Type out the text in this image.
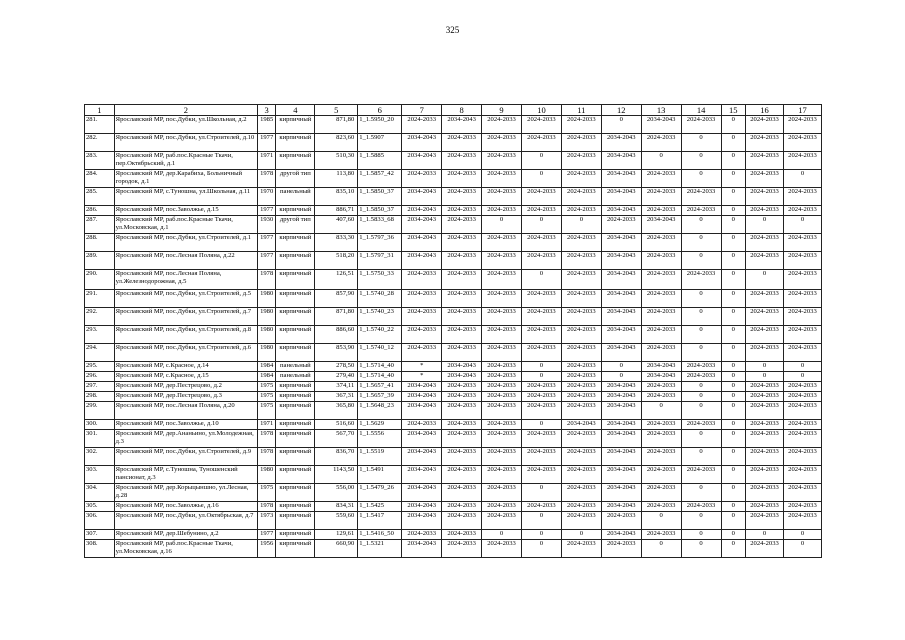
325
1	2	3	4	5	6	7	8	9	10	11	12	13	14	15	16	17
281.	Ярославский МР, пос.Дубки, ул.Школьная, д.2	1985	кирпичный	871,80	1_1.5950_20	2024-2033	2034-2043	2024-2033	2024-2033	2024-2033	0	2034-2043	2024-2033	0	2024-2033	2024-2033
282.	Ярославский МР, пос.Дубки, ул.Строителей, д.10	1977	кирпичный	823,60	1_1.5907	2034-2043	2024-2033	2024-2033	2024-2033	2024-2033	2034-2043	2024-2033	0	0	2024-2033	2024-2033
283.	Ярославский МР, раб.пос.Красные Ткачи, пер.Октябрьский, д.1	1971	кирпичный	510,30	1_1.5885	2034-2043	2024-2033	2024-2033	0	2024-2033	2034-2043	0	0	0	2024-2033	2024-2033
284.	Ярославский МР, дер.Карабиха, Больничный городок, д.1	1978	другой тип	113,80	1_1.5857_42	2024-2033	2024-2033	2024-2033	0	2024-2033	2034-2043	2024-2033	0	0	2024-2033	0
285.	Ярославский МР, с.Туношна, ул.Школьная, д.11	1970	панельный	835,10	1_1.5850_37	2034-2043	2024-2033	2024-2033	2024-2033	2024-2033	2034-2043	2024-2033	2024-2033	0	2024-2033	2024-2033
286.	Ярославский МР, пос.Заволжье, д.15	1977	кирпичный	886,71	1_1.5850_37	2034-2043	2024-2033	2024-2033	2024-2033	2024-2033	2034-2043	2024-2033	2024-2033	0	2024-2033	2024-2033
287.	Ярославский МР, раб.пос.Красные Ткачи, ул.Московская, д.1	1930	другой тип	407,60	1_1.5833_68	2034-2043	2024-2033	0	0	0	2024-2033	2034-2043	0	0	0	0
288.	Ярославский МР, пос.Дубки, ул.Строителей, д.1	1977	кирпичный	833,30	1_1.5797_36	2034-2043	2024-2033	2024-2033	2024-2033	2024-2033	2034-2043	2024-2033	0	0	2024-2033	2024-2033
289.	Ярославский МР, пос.Лесная Поляна, д.22	1977	кирпичный	518,20	1_1.5797_31	2034-2043	2024-2033	2024-2033	2024-2033	2024-2033	2034-2043	2024-2033	0	0	2024-2033	2024-2033
290.	Ярославский МР, пос.Лесная Поляна, ул.Железнодорожная, д.5	1978	кирпичный	126,51	1_1.5750_33	2024-2033	2024-2033	2024-2033	0	2024-2033	2034-2043	2024-2033	2024-2033	0	0	2024-2033
291.	Ярославский МР, пос.Дубки, ул.Строителей, д.5	1980	кирпичный	857,90	1_1.5740_28	2024-2033	2024-2033	2024-2033	2024-2033	2024-2033	2034-2043	2024-2033	0	0	2024-2033	2024-2033
292.	Ярославский МР, пос.Дубки, ул.Строителей, д.7	1980	кирпичный	871,80	1_1.5740_23	2024-2033	2024-2033	2024-2033	2024-2033	2024-2033	2034-2043	2024-2033	0	0	2024-2033	2024-2033
293.	Ярославский МР, пос.Дубки, ул.Строителей, д.8	1980	кирпичный	886,60	1_1.5740_22	2024-2033	2024-2033	2024-2033	2024-2033	2024-2033	2034-2043	2024-2033	0	0	2024-2033	2024-2033
294.	Ярославский МР, пос.Дубки, ул.Строителей, д.6	1980	кирпичный	853,90	1_1.5740_12	2024-2033	2024-2033	2024-2033	2024-2033	2024-2033	2034-2043	2024-2033	0	0	2024-2033	2024-2033
295.	Ярославский МР, с.Красное, д.14	1984	панельный	278,50	1_1.5714_40	*	2034-2043	2024-2033	0	2024-2033	0	2034-2043	2024-2033	0	0	0
296.	Ярославский МР, с.Красное, д.15	1984	панельный	279,40	1_1.5714_40	*	2034-2043	2024-2033	0	2024-2033	0	2034-2043	2024-2033	0	0	0
297.	Ярославский МР, дер.Пестрецово, д.2	1975	кирпичный	374,11	1_1.5657_41	2034-2043	2024-2033	2024-2033	2024-2033	2024-2033	2034-2043	2024-2033	0	0	2024-2033	2024-2033
298.	Ярославский МР, дер.Пестрецово, д.3	1975	кирпичный	367,31	1_1.5657_39	2034-2043	2024-2033	2024-2033	2024-2033	2024-2033	2034-2043	2024-2033	0	0	2024-2033	2024-2033
299.	Ярославский МР, пос.Лесная Поляна, д.20	1975	кирпичный	365,80	1_1.5648_23	2034-2043	2024-2033	2024-2033	2024-2033	2024-2033	2034-2043	0	0	0	2024-2033	2024-2033
300.	Ярославский МР, пос.Заволжье, д.10	1971	кирпичный	516,60	1_1.5629	2024-2033	2024-2033	2024-2033	0	2034-2043	2034-2043	2024-2033	2024-2033	0	2024-2033	2024-2033
301.	Ярославский МР, дер.Ананьино, ул.Молодежная, д.3	1978	кирпичный	567,70	1_1.5556	2034-2043	2024-2033	2024-2033	2024-2033	2024-2033	2034-2043	2024-2033	0	0	2024-2033	2024-2033
302.	Ярославский МР, пос.Дубки, ул.Строителей, д.9	1978	кирпичный	836,70	1_1.5519	2034-2043	2024-2033	2024-2033	2024-2033	2024-2033	2034-2043	2024-2033	0	0	2024-2033	2024-2033
303.	Ярославский МР, с.Туношна, Туношенский пансионат, д.3	1980	кирпичный	1143,50	1_1.5491	2034-2043	2024-2033	2024-2033	2024-2033	2024-2033	2034-2043	2024-2033	2024-2033	0	2024-2033	2024-2033
304.	Ярославский МР, дер.Корыцыншно, ул.Лесная, д.28	1975	кирпичный	556,00	1_1.5479_26	2034-2043	2024-2033	2024-2033	0	2024-2033	2034-2043	2024-2033	0	0	2024-2033	2024-2033
305.	Ярославский МР, пос.Заволжье, д.16	1978	кирпичный	834,31	1_1.5425	2034-2043	2024-2033	2024-2033	2024-2033	2024-2033	2034-2043	2024-2033	2024-2033	0	2024-2033	2024-2033
306.	Ярославский МР, пос.Дубки, ул.Октябрьская, д.7	1973	кирпичный	559,60	1_1.5417	2034-2043	2024-2033	2024-2033	0	2024-2033	2024-2033	0	0	0	2024-2033	2024-2033
307.	Ярославский МР, дер.Шебунино, д.2	1977	кирпичный	129,61	1_1.5416_50	2024-2033	2024-2033	0	0	0	2034-2043	2024-2033	0	0	0	0
308.	Ярославский МР, раб.пос.Красные Ткачи, ул.Московская, д.16	1956	кирпичный	660,90	1_1.5321	2034-2043	2024-2033	2024-2033	0	2024-2033	2024-2033	0	0	0	2024-2033	0
